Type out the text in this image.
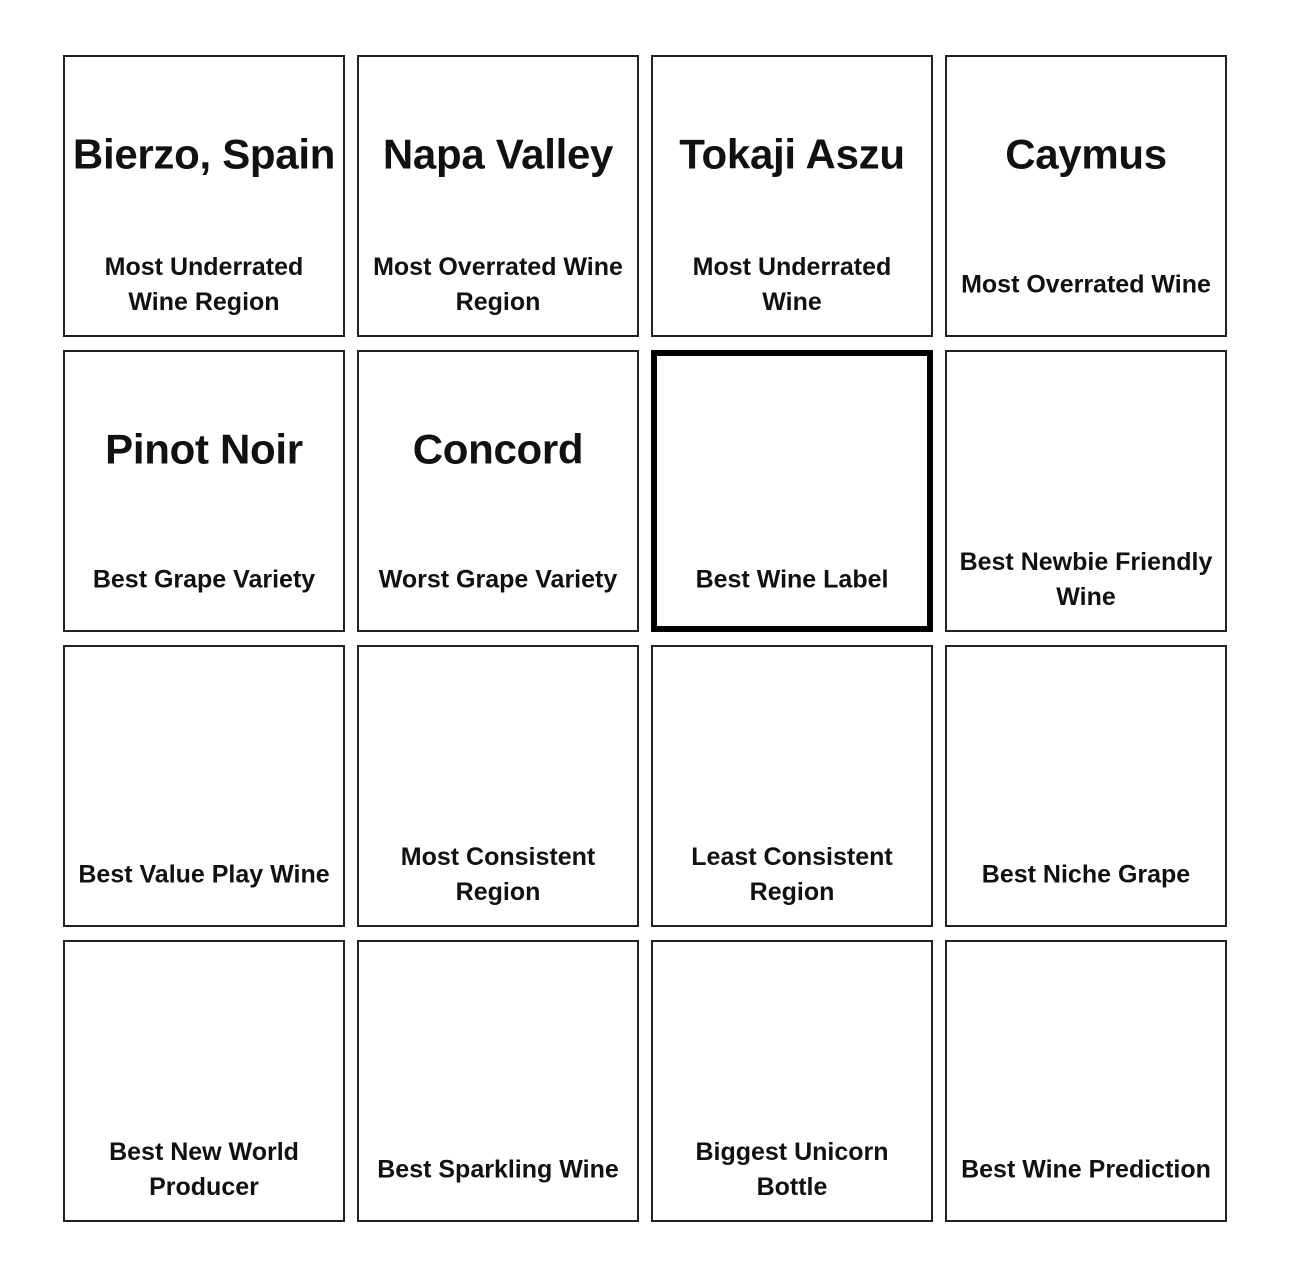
Bierzo, Spain
Most Underrated Wine Region
Napa Valley
Most Overrated Wine Region
Tokaji Aszu
Most Underrated Wine
Caymus
Most Overrated Wine
Pinot Noir
Best Grape Variety
Concord
Worst Grape Variety	Best Wine Label
Best Newbie Friendly Wine
Best Value Play Wine
Most Consistent Region
Least Consistent Region
Best Niche Grape
Best New World Producer
Best Sparkling Wine
Biggest Unicorn Bottle
Best Wine Prediction
